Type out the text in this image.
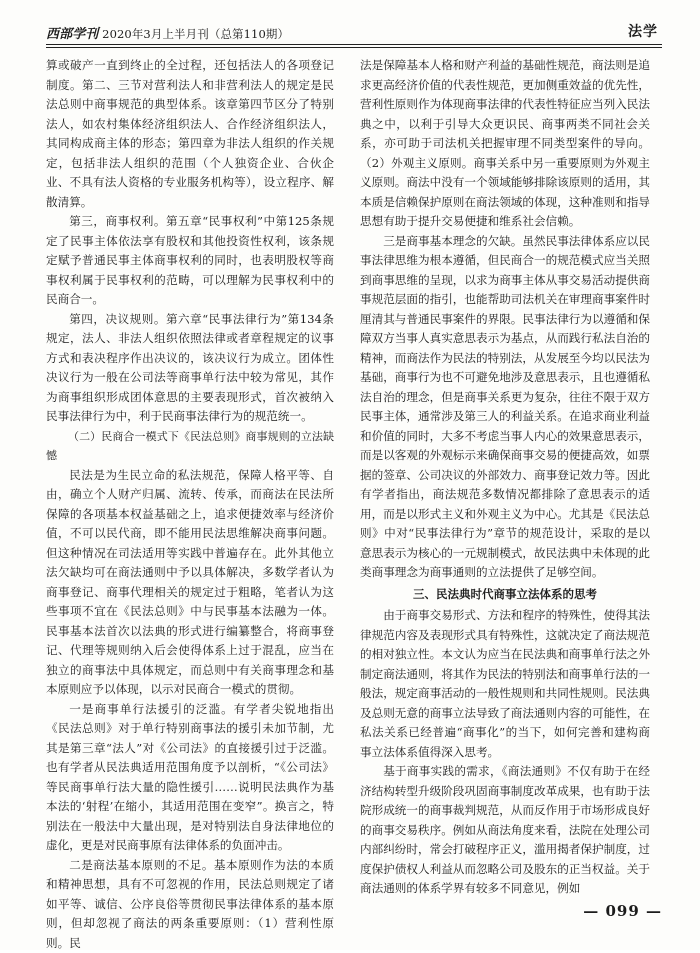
西部学刊 2020年3月上半月刊（总第110期）	法学

算或破产一直到终止的全过程，还包括法人的各项登记制度。第二、三节对营利法人和非营利法人的规定是民法总则中商事规范的典型体系。该章第四节区分了特别法人，如农村集体经济组织法人、合作经济组织法人，其同构成商主体的形态；第四章为非法人组织的作关规定，包括非法人组织的范围（个人独资企业、合伙企业、不具有法人资格的专业服务机构等），设立程序、解散清算。

第三，商事权利。第五章“民事权利”中第125条规定了民事主体依法享有股权和其他投资性权利，该条规定赋予普通民事主体商事权利的同时，也表明股权等商事权利属于民事权利的范畴，可以理解为民事权利中的民商合一。

第四，决议规则。第六章“民事法律行为”第134条规定，法人、非法人组织依照法律或者章程规定的议事方式和表决程序作出决议的，该决议行为成立。团体性决议行为一般在公司法等商事单行法中较为常见，其作为商事组织形成团体意思的主要表现形式，首次被纳入民事法律行为中，利于民商事法律行为的规范统一。

（二）民商合一模式下《民法总则》商事规则的立法缺憾

民法是为生民立命的私法规范，保障人格平等、自由，确立个人财产归属、流转、传承，而商法在民法所保障的各项基本权益基础之上，追求便捷效率与经济价值，不可以民代商，即不能用民法思维解决商事问题。但这种情况在司法适用等实践中普遍存在。此外其他立法欠缺均可在商法通则中予以具体解决，多数学者认为商事登记、商事代理相关的规定过于粗略，笔者认为这些事项不宜在《民法总则》中与民事基本法融为一体。民事基本法首次以法典的形式进行编纂整合，将商事登记、代理等规则纳入后会使得体系上过于混乱，应当在独立的商事法中具体规定，而总则中有关商事理念和基本原则应予以体现，以示对民商合一模式的贯彻。

一是商事单行法援引的泛滥。有学者尖锐地指出《民法总则》对于单行特别商事法的援引未加节制，尤其是第三章“法人”对《公司法》的直接援引过于泛滥。也有学者从民法典适用范围角度予以剖析，“《公司法》等民商事单行法大量的隐性援引……说明民法典作为基本法的‘射程’在缩小，其适用范围在变窄”。换言之，特别法在一般法中大量出现，是对特别法自身法律地位的虚化，更是对民商事原有法律体系的负面冲击。

二是商法基本原则的不足。基本原则作为法的本质和精神思想，具有不可忽视的作用，民法总则规定了诸如平等、诚信、公序良俗等贯彻民事法律体系的基本原则，但却忽视了商法的两条重要原则：（1）营利性原则。民

法是保障基本人格和财产利益的基础性规范，商法则是追求更高经济价值的代表性规范，更加侧重效益的优先性，营利性原则作为体现商事法律的代表性特征应当列入民法典之中，以利于引导大众更识民、商事两类不同社会关系，亦可助于司法机关把握审理不同类型案件的导向。（2）外观主义原则。商事关系中另一重要原则为外观主义原则。商法中没有一个领域能够排除该原则的适用，其本质是信赖保护原则在商法领域的体现，这种准则和指导思想有助于提升交易便捷和维系社会信赖。

三是商事基本理念的欠缺。虽然民事法律体系应以民事法律思维为根本遵循，但民商合一的规范模式应当关照到商事思维的呈现，以求为商事主体从事交易活动提供商事规范层面的指引，也能帮助司法机关在审理商事案件时厘清其与普通民事案件的界限。民事法律行为以遵循和保障双方当事人真实意思表示为基点，从而践行私法自治的精神，而商法作为民法的特别法，从发展至今均以民法为基础，商事行为也不可避免地涉及意思表示，且也遵循私法自治的理念，但是商事关系更为复杂，往往不限于双方民事主体，通常涉及第三人的利益关系。在追求商业利益和价值的同时，大多不考虑当事人内心的效果意思表示，而是以客观的外观标示来确保商事交易的便捷高效，如票据的签章、公司决议的外部效力、商事登记效力等。因此有学者指出，商法规范多数情况都排除了意思表示的适用，而是以形式主义和外观主义为中心。尤其是《民法总则》中对“民事法律行为”章节的规范设计，采取的是以意思表示为核心的一元规制模式，故民法典中未体现的此类商事理念为商事通则的立法提供了足够空间。

三、民法典时代商事立法体系的思考

由于商事交易形式、方法和程序的特殊性，使得其法律规范内容及表现形式具有特殊性，这就决定了商法规范的相对独立性。本文认为应当在民法典和商事单行法之外制定商法通则，将其作为民法的特别法和商事单行法的一般法，规定商事活动的一般性规则和共同性规则。民法典及总则无意的商事立法导致了商法通则内容的可能性，在私法关系已经普遍“商事化”的当下，如何完善和建构商事立法体系值得深入思考。

基于商事实践的需求，《商法通则》不仅有助于在经济结构转型升级阶段巩固商事制度改革成果，也有助于法院形成统一的商事裁判规范，从而反作用于市场形成良好的商事交易秩序。例如从商法角度来看，法院在处理公司内部纠纷时，常会打破程序正义，滥用揭者保护制度，过度保护债权人利益从而忽略公司及股东的正当权益。关于商法通则的体系学界有较多不同意见，例如

— 099 —
